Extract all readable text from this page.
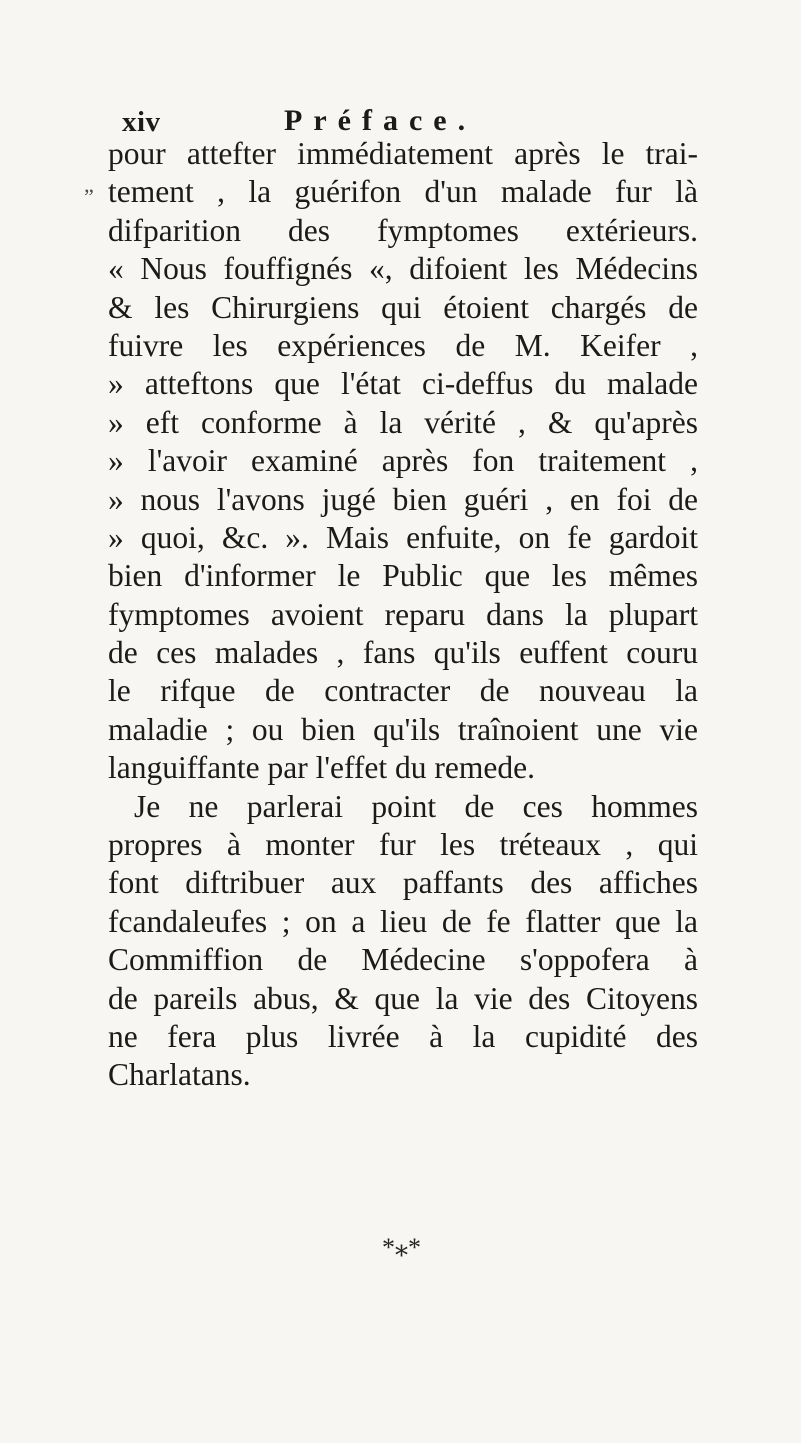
xiv	Préface.
„
pour attefter immédiatement après le trai-
tement , la guérifon d'un malade fur là
difparition des fymptomes extérieurs.
« Nous fouffignés «, difoient les Médecins
& les Chirurgiens qui étoient chargés de
fuivre les expériences de M. Keifer ,
» atteftons que l'état ci-deffus du malade
» eft conforme à la vérité , & qu'après
» l'avoir examiné après fon traitement ,
» nous l'avons jugé bien guéri , en foi de
» quoi, &c. ». Mais enfuite, on fe gardoit
bien d'informer le Public que les mêmes
fymptomes avoient reparu dans la plupart
de ces malades , fans qu'ils euffent couru
le rifque de contracter de nouveau la
maladie ; ou bien qu'ils traînoient une vie
languiffante par l'effet du remede.
Je ne parlerai point de ces hommes
propres à monter fur les tréteaux , qui
font diftribuer aux paffants des affiches
fcandaleufes ; on a lieu de fe flatter que la
Commiffion de Médecine s'oppofera à
de pareils abus, & que la vie des Citoyens
ne fera plus livrée à la cupidité des
Charlatans.
*⁎*
